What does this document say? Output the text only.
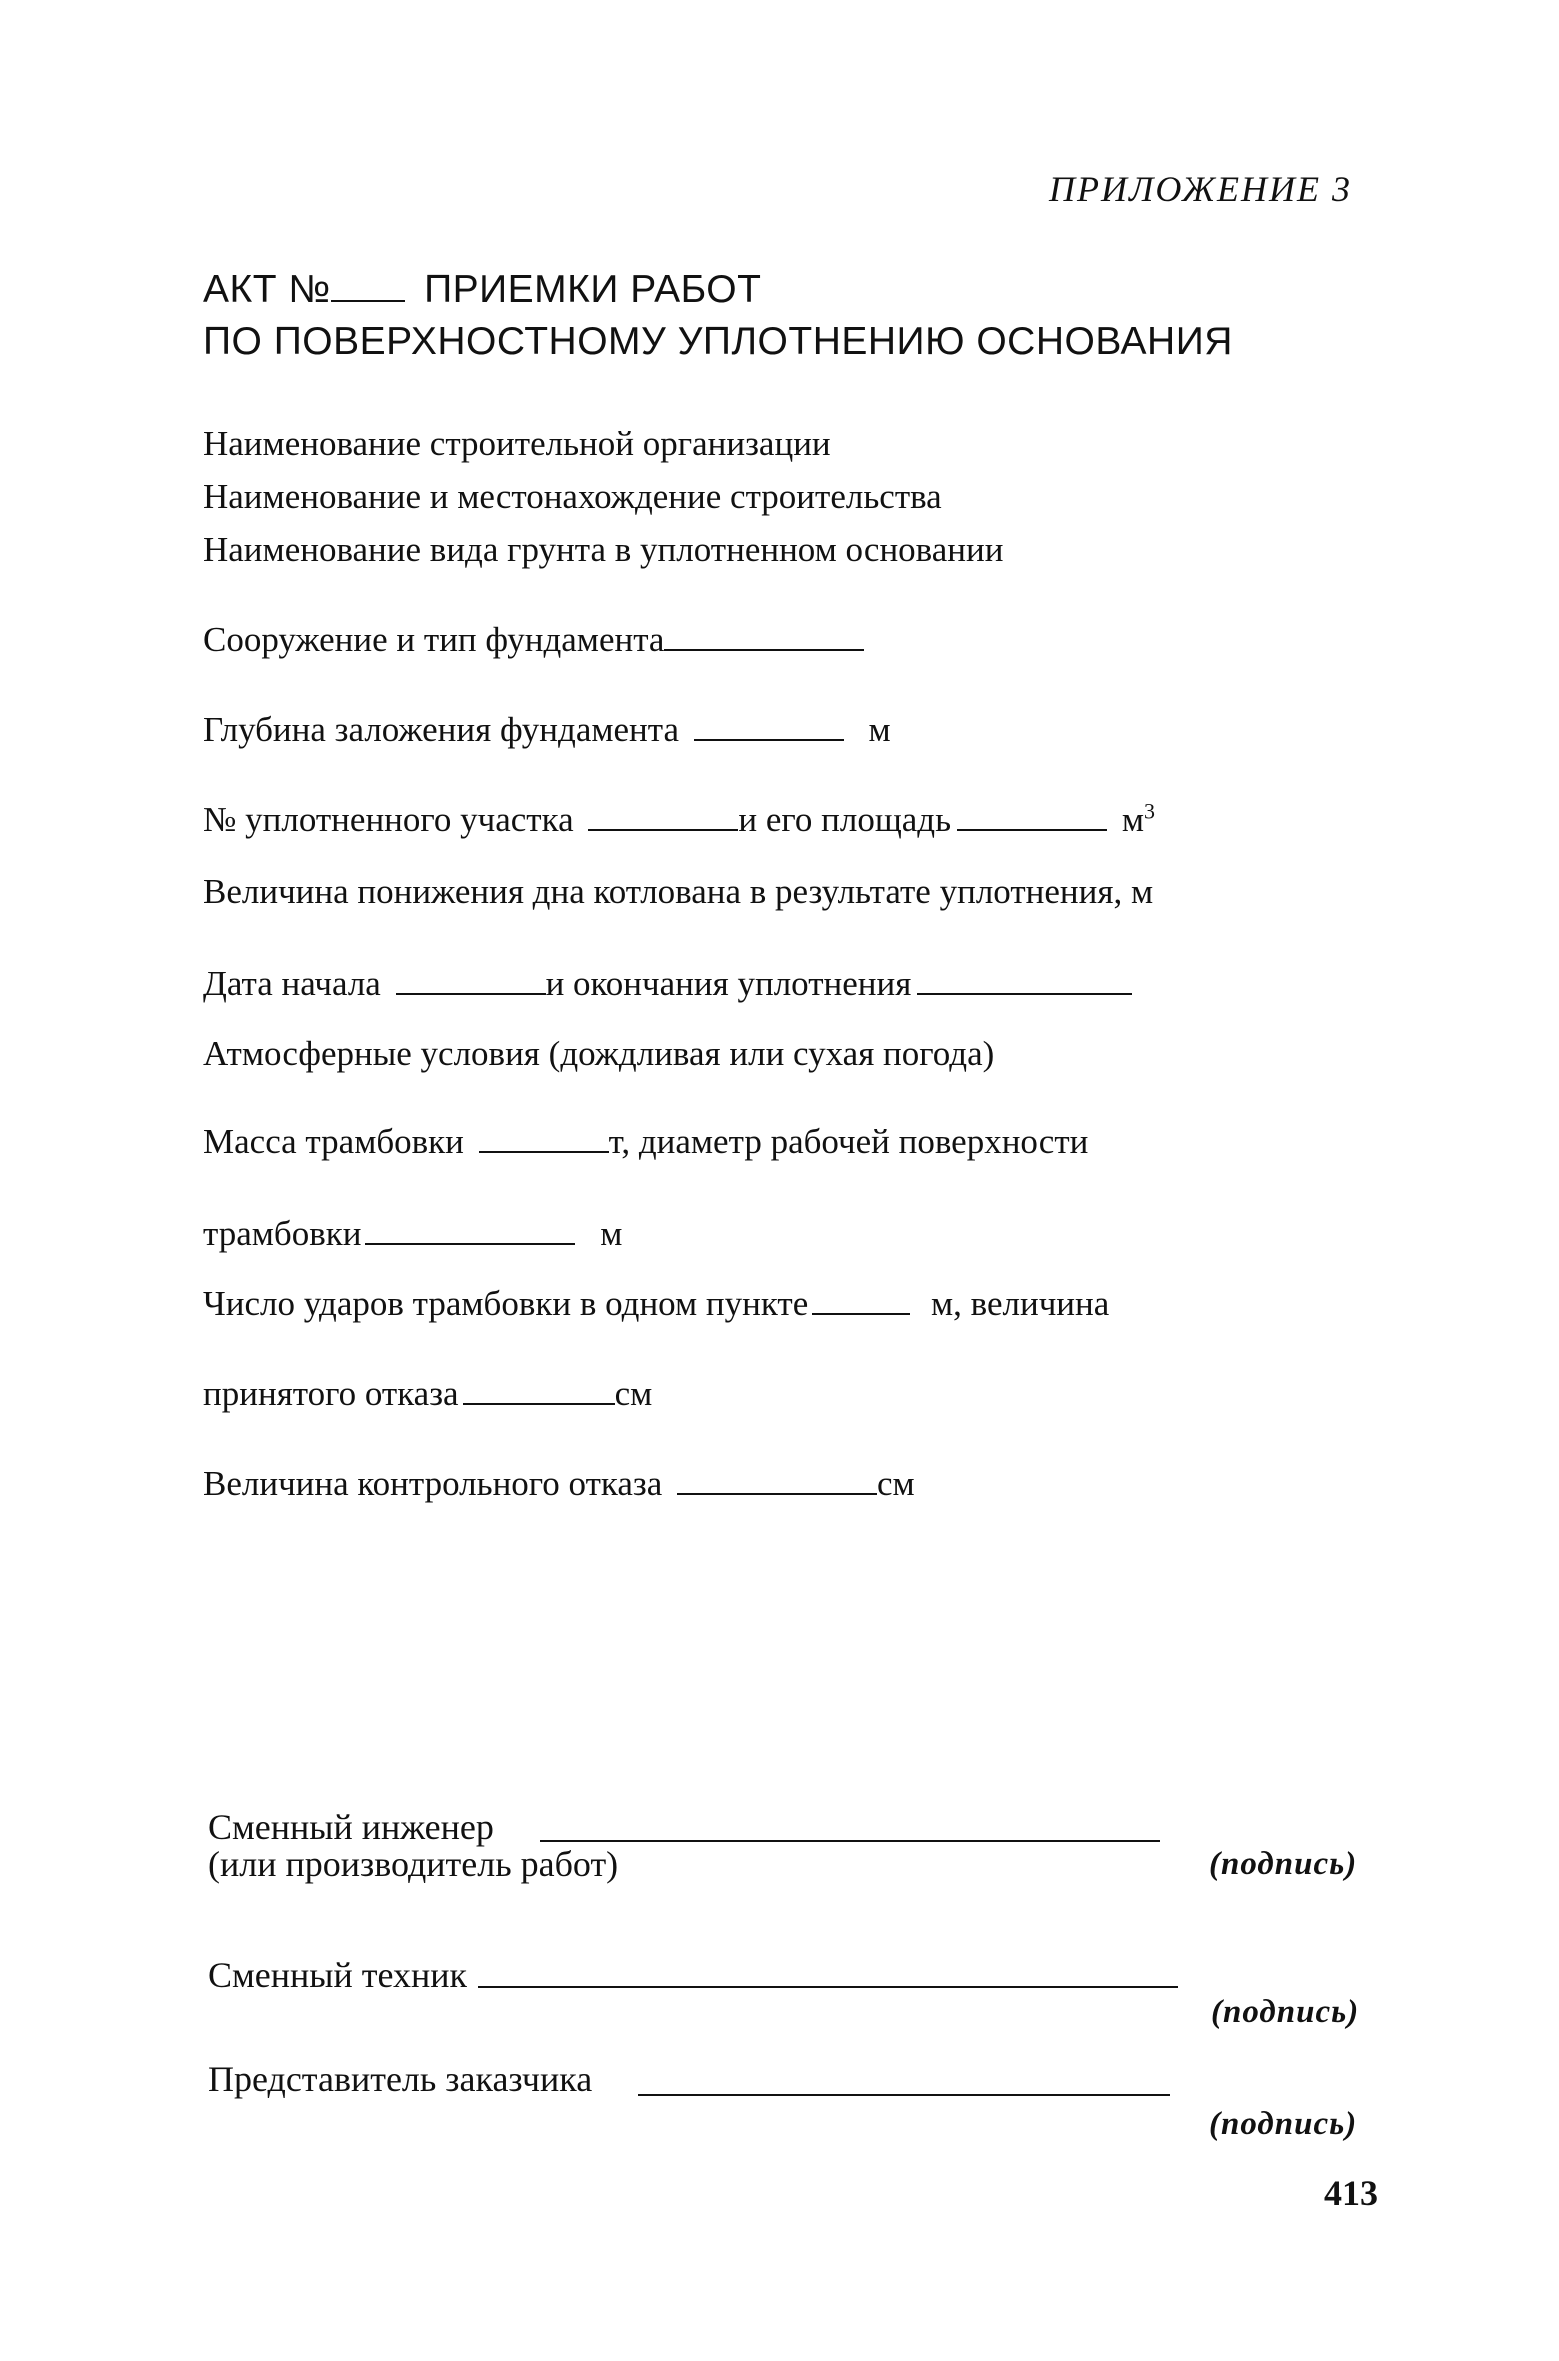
ПРИЛОЖЕНИЕ 3
АКТ № ПРИЕМКИ РАБОТ
ПО ПОВЕРХНОСТНОМУ УПЛОТНЕНИЮ ОСНОВАНИЯ
Наименование строительной организации
Наименование и местонахождение строительства
Наименование вида грунта в уплотненном основании
Сооружение и тип фундамента
Глубина заложения фундамента	м
№ уплотненного участка	и его площадь	$м^3$
Величина понижения дна котлована в результате уплотнения, м
Дата начала	и окончания уплотнения
Атмосферные условия (дождливая или сухая погода)
Масса трамбовки	т, диаметр рабочей поверхности
трамбовки	м
Число ударов трамбовки в одном пункте	м, величина
принятого отказа	см
Величина контрольного отказа	см
Сменный инженер
(или производитель работ)	(подпись)
Сменный техник
(подпись)
Представитель заказчика
(подпись)
413
